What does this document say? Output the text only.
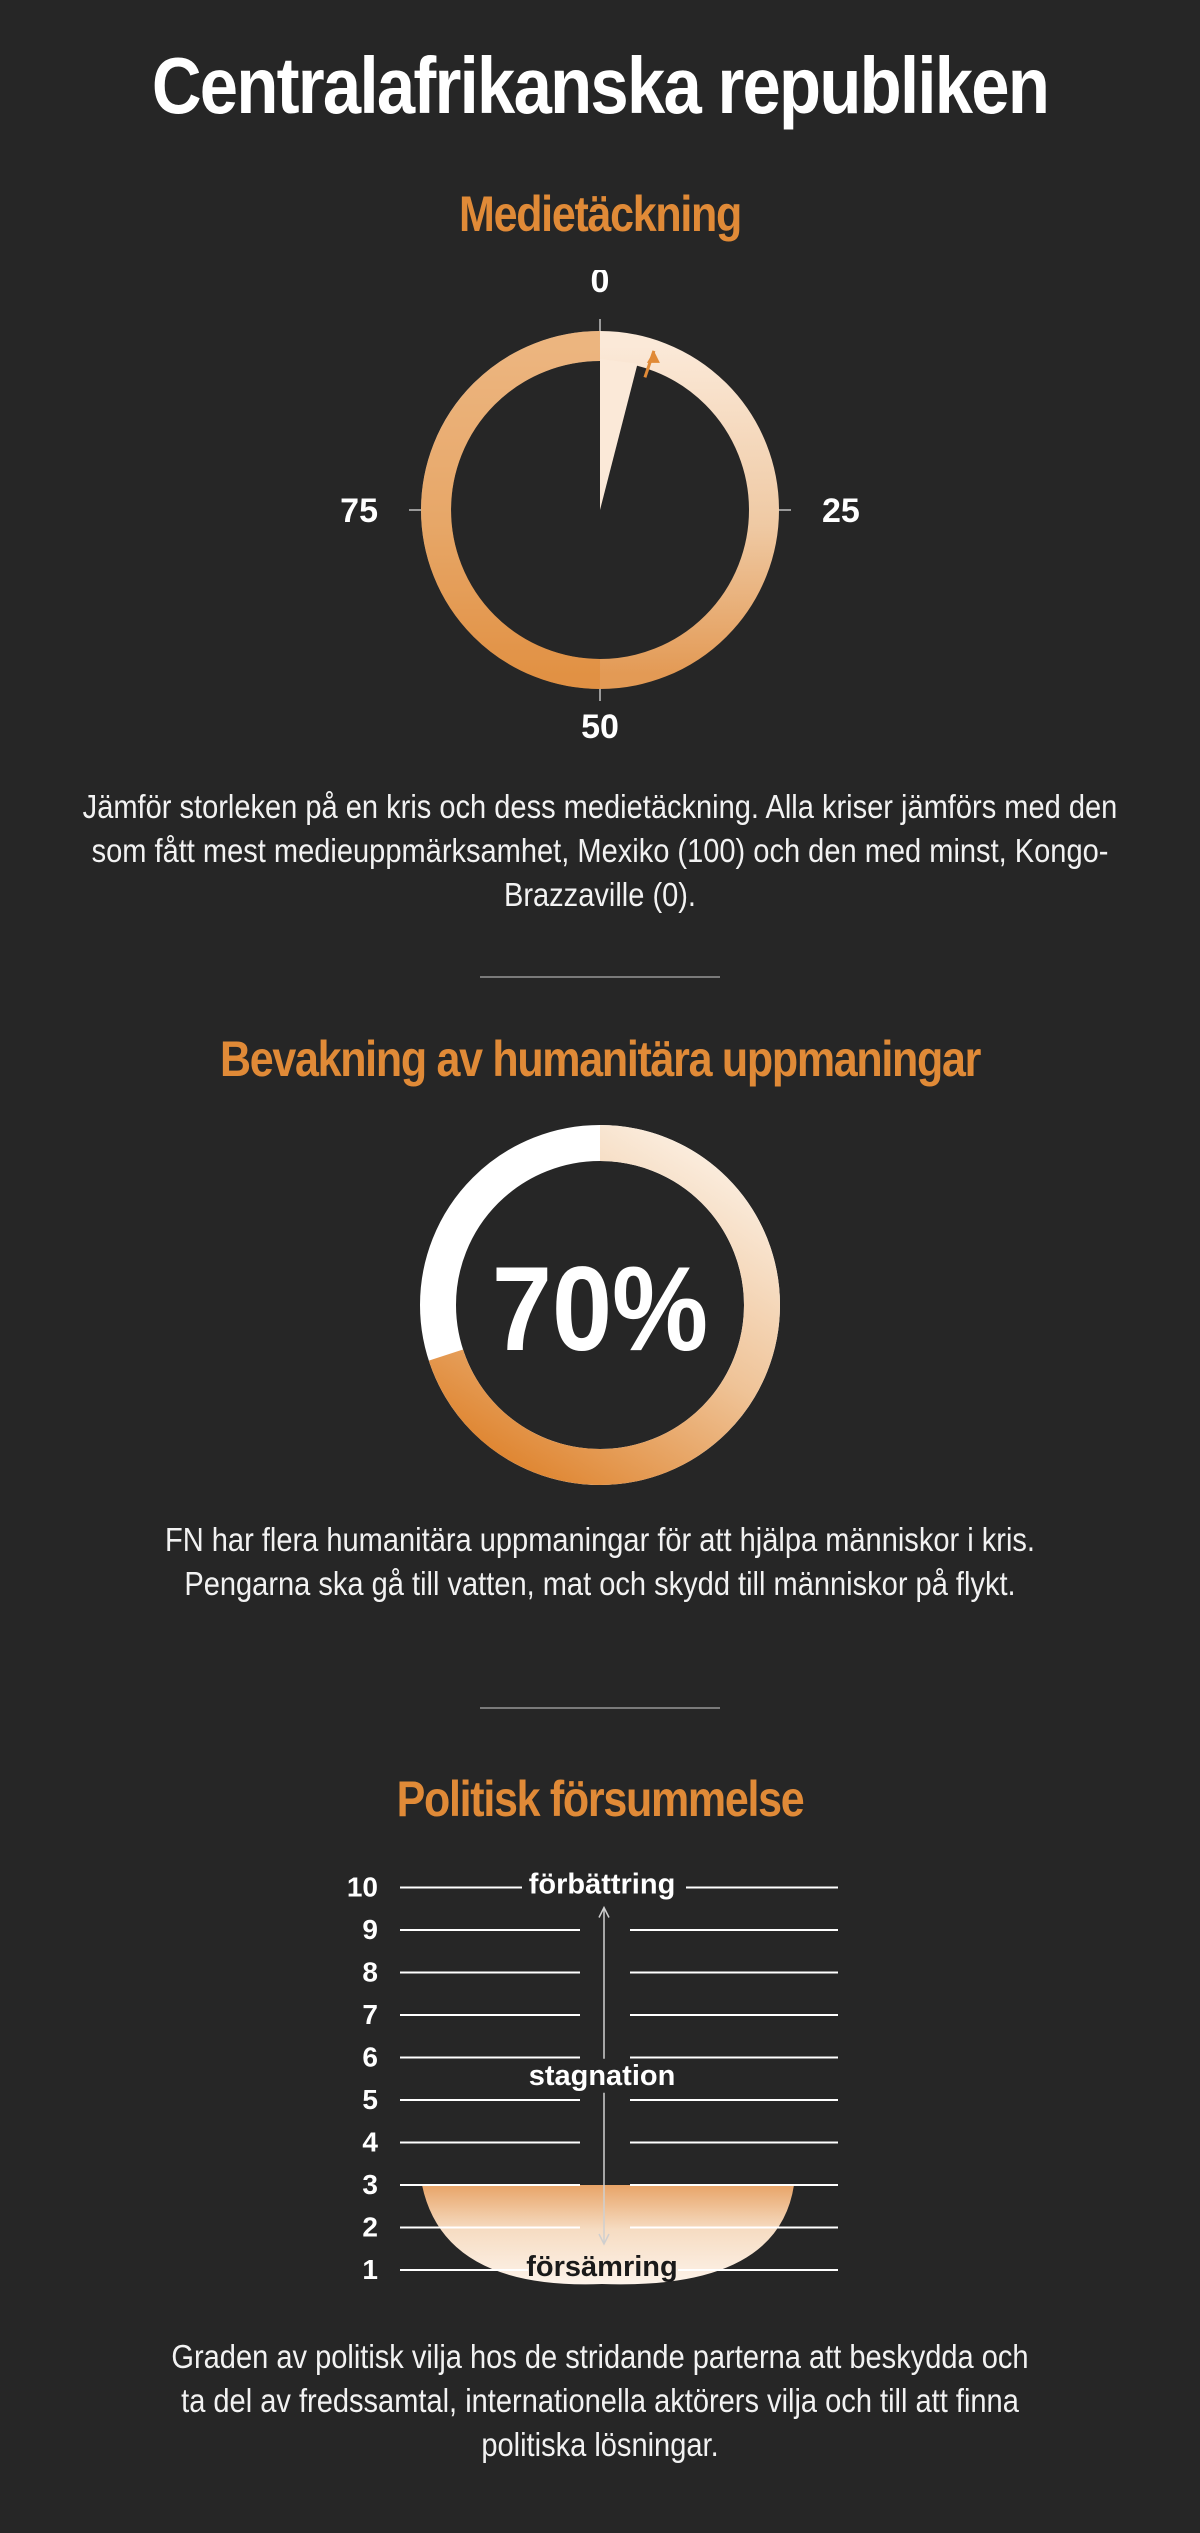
Centralafrikanska republiken
Medietäckning
0
25
50
75
Jämför storleken på en kris och dess medietäckning. Alla kriser jämförs med den som fått mest medieuppmärksamhet, Mexiko (100) och den med minst, Kongo-Brazzaville (0).
Bevakning av humanitära uppmaningar
70%
FN har flera humanitära uppmaningar för att hjälpa människor i kris.
Pengarna ska gå till vatten, mat och skydd till människor på flykt.
Politisk försummelse
1
2
3
4
5
6
7
8
9
10	förbättring
stagnation
försämring
Graden av politisk vilja hos de stridande parterna att beskydda och
ta del av fredssamtal, internationella aktörers vilja och till att finna
politiska lösningar.
